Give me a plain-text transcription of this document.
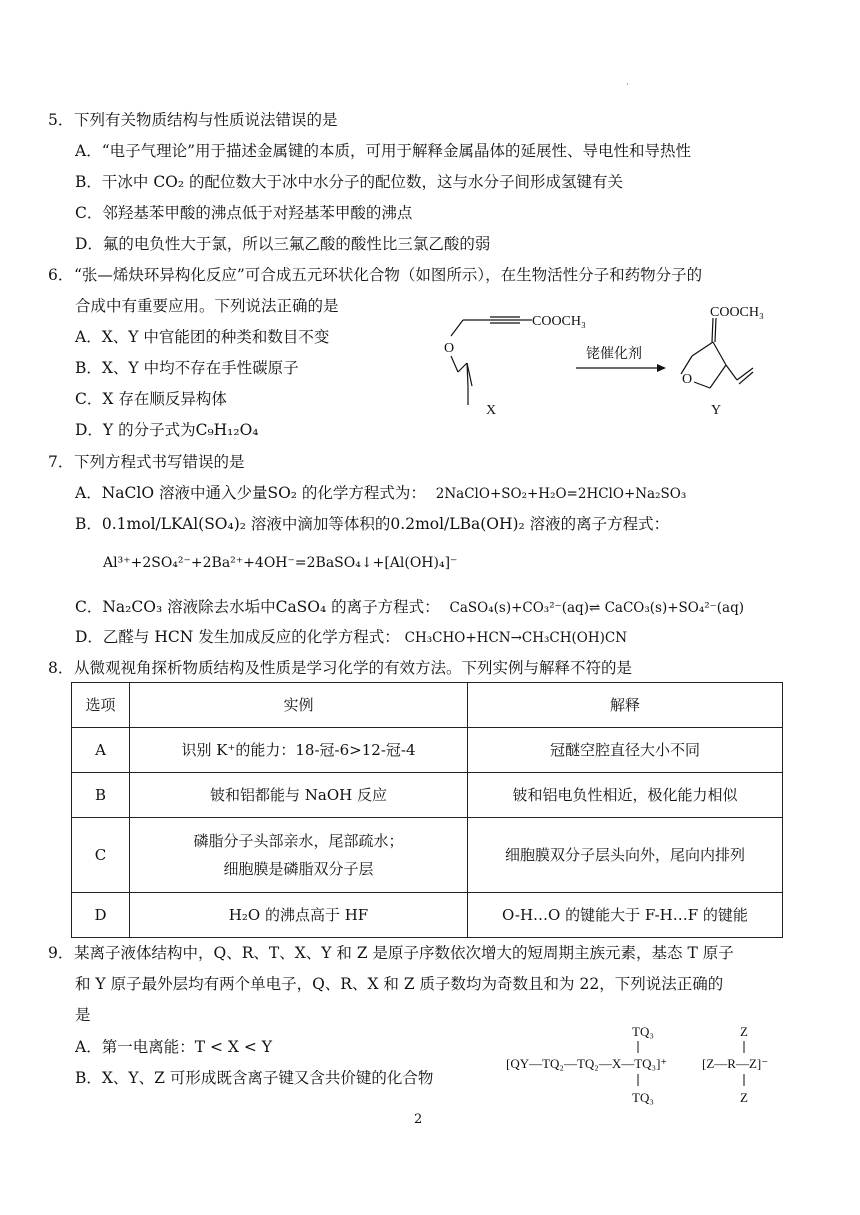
·
5．下列有关物质结构与性质说法错误的是
A．“电子气理论”用于描述金属键的本质，可用于解释金属晶体的延展性、导电性和导热性
B．干冰中 CO₂ 的配位数大于冰中水分子的配位数，这与水分子间形成氢键有关
C．邻羟基苯甲酸的沸点低于对羟基苯甲酸的沸点
D．氟的电负性大于氯，所以三氟乙酸的酸性比三氯乙酸的弱
6．“张—烯炔环异构化反应”可合成五元环状化合物（如图所示），在生物活性分子和药物分子的
合成中有重要应用。下列说法正确的是
A．X、Y 中官能团的种类和数目不变
B．X、Y 中均不存在手性碳原子
C．X 存在顺反异构体
D．Y 的分子式为C₉H₁₂O₄
O
COOCH₃
X
铑催化剂
COOCH₃
O
Y
7．下列方程式书写错误的是
A．NaClO 溶液中通入少量SO₂ 的化学方程式为： 2NaClO+SO₂+H₂O=2HClO+Na₂SO₃
B．0.1mol/LKAl(SO₄)₂ 溶液中滴加等体积的0.2mol/LBa(OH)₂ 溶液的离子方程式：
Al³⁺+2SO₄²⁻+2Ba²⁺+4OH⁻=2BaSO₄↓+[Al(OH)₄]⁻
C．Na₂CO₃ 溶液除去水垢中CaSO₄ 的离子方程式： CaSO₄(s)+CO₃²⁻(aq)⇌ CaCO₃(s)+SO₄²⁻(aq)
D．乙醛与 HCN 发生加成反应的化学方程式： CH₃CHO+HCN→CH₃CH(OH)CN
8．从微观视角探析物质结构及性质是学习化学的有效方法。下列实例与解释不符的是
选项	实例	解释
A	识别 K⁺的能力：18-冠-6>12-冠-4	冠醚空腔直径大小不同
B	铍和铝都能与 NaOH 反应	铍和铝电负性相近，极化能力相似
C	磷脂分子头部亲水，尾部疏水；
细胞膜是磷脂双分子层	细胞膜双分子层头向外，尾向内排列
D	H₂O 的沸点高于 HF	O-H…O 的键能大于 F-H…F 的键能
9．某离子液体结构中，Q、R、T、X、Y 和 Z 是原子序数依次增大的短周期主族元素，基态 T 原子
和 Y 原子最外层均有两个单电子，Q、R、X 和 Z 质子数均为奇数且和为 22，下列说法正确的
是
A．第一电离能：T < X < Y
B．X、Y、Z 可形成既含离子键又含共价键的化合物
TQ₃
[QY—TQ₂—TQ₂—X—TQ₃]⁺
TQ₃
Z
[Z—R—Z]⁻
Z
2
